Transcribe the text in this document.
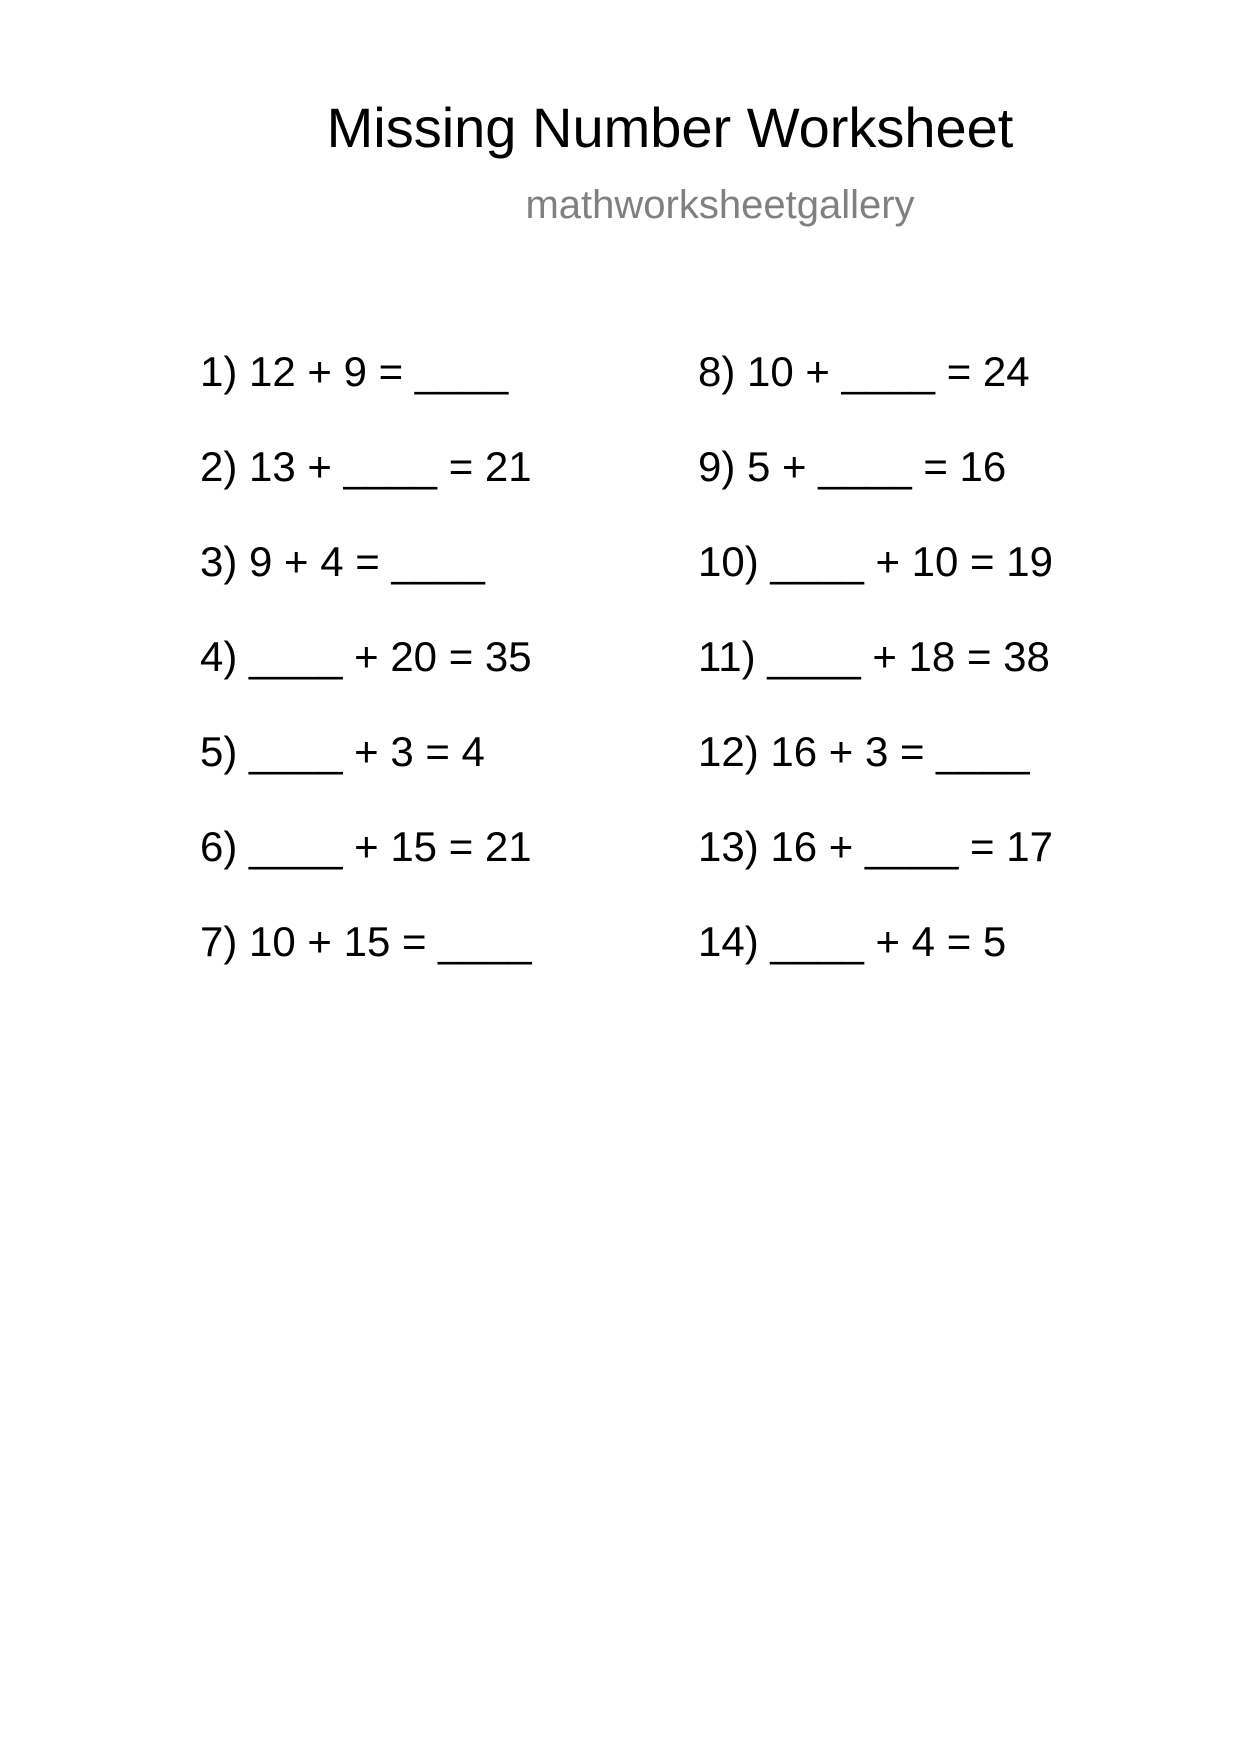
Missing Number Worksheet
mathworksheetgallery
1) 12 + 9 = ____
2) 13 + ____ = 21
3) 9 + 4 = ____
4) ____ + 20 = 35
5) ____ + 3 = 4
6) ____ + 15 = 21
7) 10 + 15 = ____
8) 10 + ____ = 24
9) 5 + ____ = 16
10) ____ + 10 = 19
11) ____ + 18 = 38
12) 16 + 3 = ____
13) 16 + ____ = 17
14) ____ + 4 = 5
